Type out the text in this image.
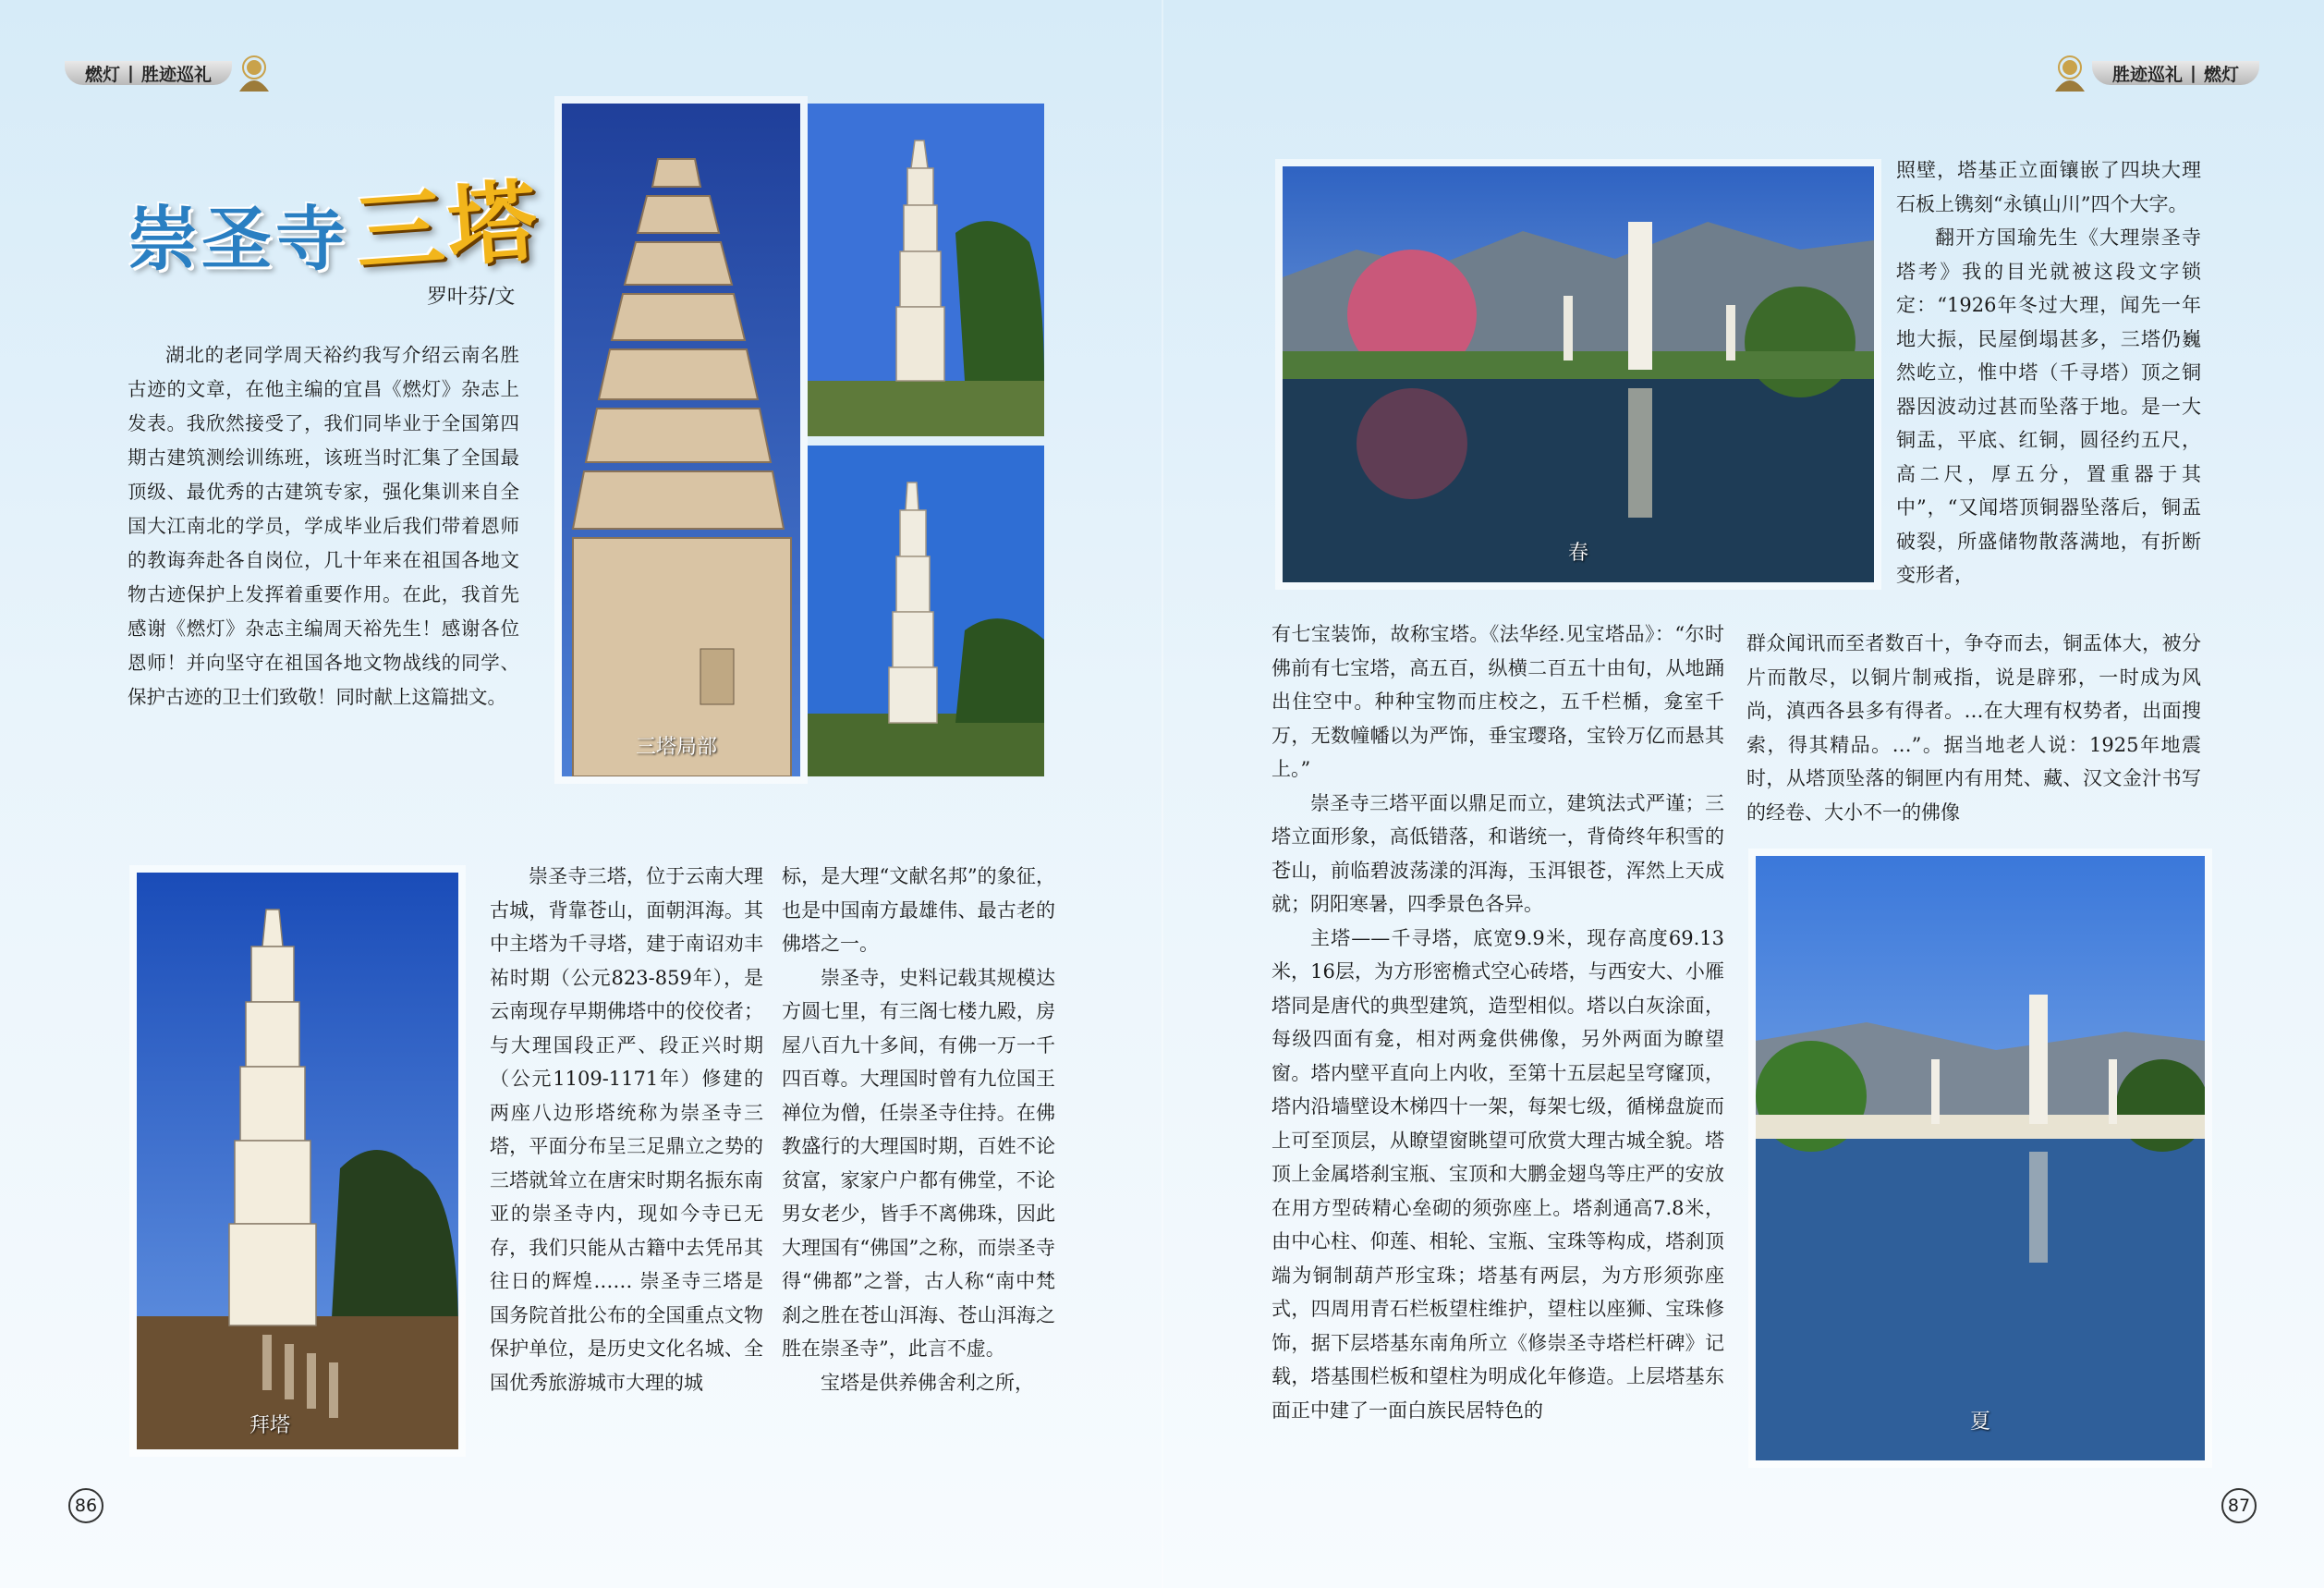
燃灯 | 胜迹巡礼	胜迹巡礼 | 燃灯
崇圣寺 三塔
罗叶芬/文

湖北的老同学周天裕约我写介绍云南名胜古迹的文章，在他主编的宜昌《燃灯》杂志上发表。我欣然接受了，我们同毕业于全国第四期古建筑测绘训练班，该班当时汇集了全国最顶级、最优秀的古建筑专家，强化集训来自全国大江南北的学员，学成毕业后我们带着恩师的教诲奔赴各自岗位，几十年来在祖国各地文物古迹保护上发挥着重要作用。在此，我首先感谢《燃灯》杂志主编周天裕先生！感谢各位恩师！并向坚守在祖国各地文物战线的同学、保护古迹的卫士们致敬！同时献上这篇拙文。

三塔局部
拜塔

崇圣寺三塔，位于云南大理古城，背靠苍山，面朝洱海。其中主塔为千寻塔，建于南诏劝丰祐时期（公元823-859年），是云南现存早期佛塔中的佼佼者；与大理国段正严、段正兴时期（公元1109-1171年）修建的两座八边形塔统称为崇圣寺三塔，平面分布呈三足鼎立之势的三塔就耸立在唐宋时期名振东南亚的崇圣寺内，现如今寺已无存，我们只能从古籍中去凭吊其往日的辉煌…… 崇圣寺三塔是国务院首批公布的全国重点文物保护单位，是历史文化名城、全国优秀旅游城市大理的城

标，是大理“文献名邦”的象征，也是中国南方最雄伟、最古老的佛塔之一。

崇圣寺，史料记载其规模达方圆七里，有三阁七楼九殿，房屋八百九十多间，有佛一万一千四百尊。大理国时曾有九位国王禅位为僧，任崇圣寺住持。在佛教盛行的大理国时期，百姓不论贫富，家家户户都有佛堂，不论男女老少，皆手不离佛珠，因此大理国有“佛国”之称，而崇圣寺得“佛都”之誉，古人称“南中梵刹之胜在苍山洱海、苍山洱海之胜在崇圣寺”，此言不虚。

宝塔是供养佛舍利之所，

86
春
夏

有七宝装饰，故称宝塔。《法华经.见宝塔品》：“尔时佛前有七宝塔，高五百，纵横二百五十由旬，从地踊出住空中。种种宝物而庄校之，五千栏楯，龛室千万，无数幢幡以为严饰，垂宝璎珞，宝铃万亿而悬其上。”

崇圣寺三塔平面以鼎足而立，建筑法式严谨；三塔立面形象，高低错落，和谐统一，背倚终年积雪的苍山，前临碧波荡漾的洱海，玉洱银苍，浑然上天成就；阴阳寒暑，四季景色各异。

主塔——千寻塔，底宽9.9米，现存高度69.13米，16层，为方形密檐式空心砖塔，与西安大、小雁塔同是唐代的典型建筑，造型相似。塔以白灰涂面，每级四面有龛，相对两龛供佛像，另外两面为瞭望窗。塔内壁平直向上内收，至第十五层起呈穹窿顶，塔内沿墙壁设木梯四十一架，每架七级，循梯盘旋而上可至顶层，从瞭望窗眺望可欣赏大理古城全貌。塔顶上金属塔刹宝瓶、宝顶和大鹏金翅鸟等庄严的安放在用方型砖精心垒砌的须弥座上。塔刹通高7.8米，由中心柱、仰莲、相轮、宝瓶、宝珠等构成，塔刹顶端为铜制葫芦形宝珠；塔基有两层，为方形须弥座式，四周用青石栏板望柱维护，望柱以座狮、宝珠修饰，据下层塔基东南角所立《修崇圣寺塔栏杆碑》记载，塔基围栏板和望柱为明成化年修造。上层塔基东面正中建了一面白族民居特色的

照壁，塔基正立面镶嵌了四块大理石板上镌刻“永镇山川”四个大字。

翻开方国瑜先生《大理崇圣寺塔考》我的目光就被这段文字锁定：“1926年冬过大理，闻先一年地大振，民屋倒塌甚多，三塔仍巍然屹立，惟中塔（千寻塔）顶之铜器因波动过甚而坠落于地。是一大铜盂，平底、红铜，圆径约五尺，高二尺，厚五分，置重器于其中”，“又闻塔顶铜器坠落后，铜盂破裂，所盛储物散落满地，有折断变形者，

群众闻讯而至者数百十，争夺而去，铜盂体大，被分片而散尽，以铜片制戒指，说是辟邪，一时成为风尚，滇西各县多有得者。…在大理有权势者，出面搜索，得其精品。…”。据当地老人说：1925年地震时，从塔顶坠落的铜匣内有用梵、藏、汉文金汁书写的经卷、大小不一的佛像

87
